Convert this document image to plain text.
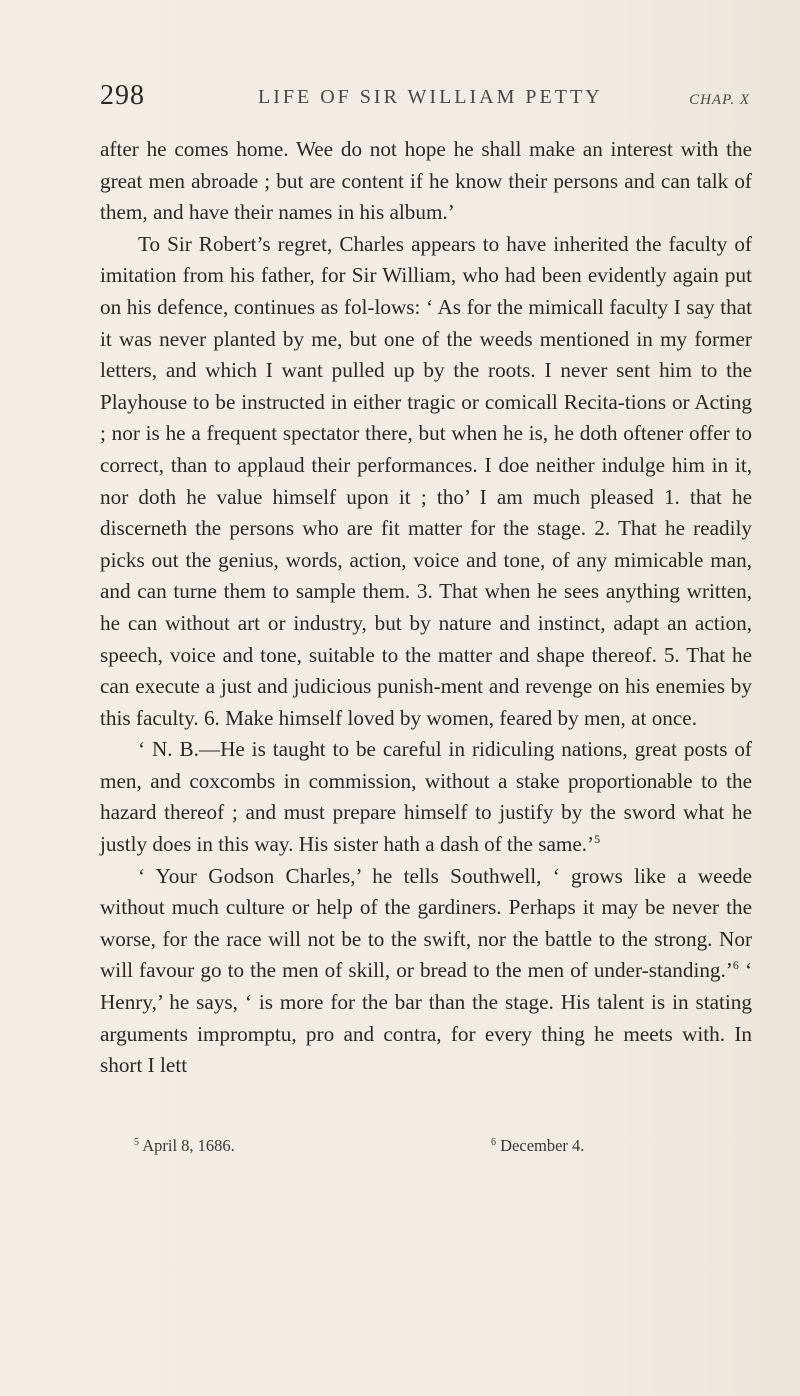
298	LIFE OF SIR WILLIAM PETTY	CHAP. X

after he comes home. Wee do not hope he shall make an interest with the great men abroade ; but are content if he know their persons and can talk of them, and have their names in his album.’

To Sir Robert’s regret, Charles appears to have inherited the faculty of imitation from his father, for Sir William, who had been evidently again put on his defence, continues as fol-lows: ‘ As for the mimicall faculty I say that it was never planted by me, but one of the weeds mentioned in my former letters, and which I want pulled up by the roots. I never sent him to the Playhouse to be instructed in either tragic or comicall Recita-tions or Acting ; nor is he a frequent spectator there, but when he is, he doth oftener offer to correct, than to applaud their performances. I doe neither indulge him in it, nor doth he value himself upon it ; tho’ I am much pleased 1. that he discerneth the persons who are fit matter for the stage. 2. That he readily picks out the genius, words, action, voice and tone, of any mimicable man, and can turne them to sample them. 3. That when he sees anything written, he can without art or industry, but by nature and instinct, adapt an action, speech, voice and tone, suitable to the matter and shape thereof. 5. That he can execute a just and judicious punish-ment and revenge on his enemies by this faculty. 6. Make himself loved by women, feared by men, at once.

‘ N. B.—He is taught to be careful in ridiculing nations, great posts of men, and coxcombs in commission, without a stake proportionable to the hazard thereof ; and must prepare himself to justify by the sword what he justly does in this way. His sister hath a dash of the same.’$^5$

‘ Your Godson Charles,’ he tells Southwell, ‘ grows like a weede without much culture or help of the gardiners. Perhaps it may be never the worse, for the race will not be to the swift, nor the battle to the strong. Nor will favour go to the men of skill, or bread to the men of under-standing.’$^6$ ‘ Henry,’ he says, ‘ is more for the bar than the stage. His talent is in stating arguments impromptu, pro and contra, for every thing he meets with. In short I lett

$^5$ April 8, 1686.	$^6$ December 4.
